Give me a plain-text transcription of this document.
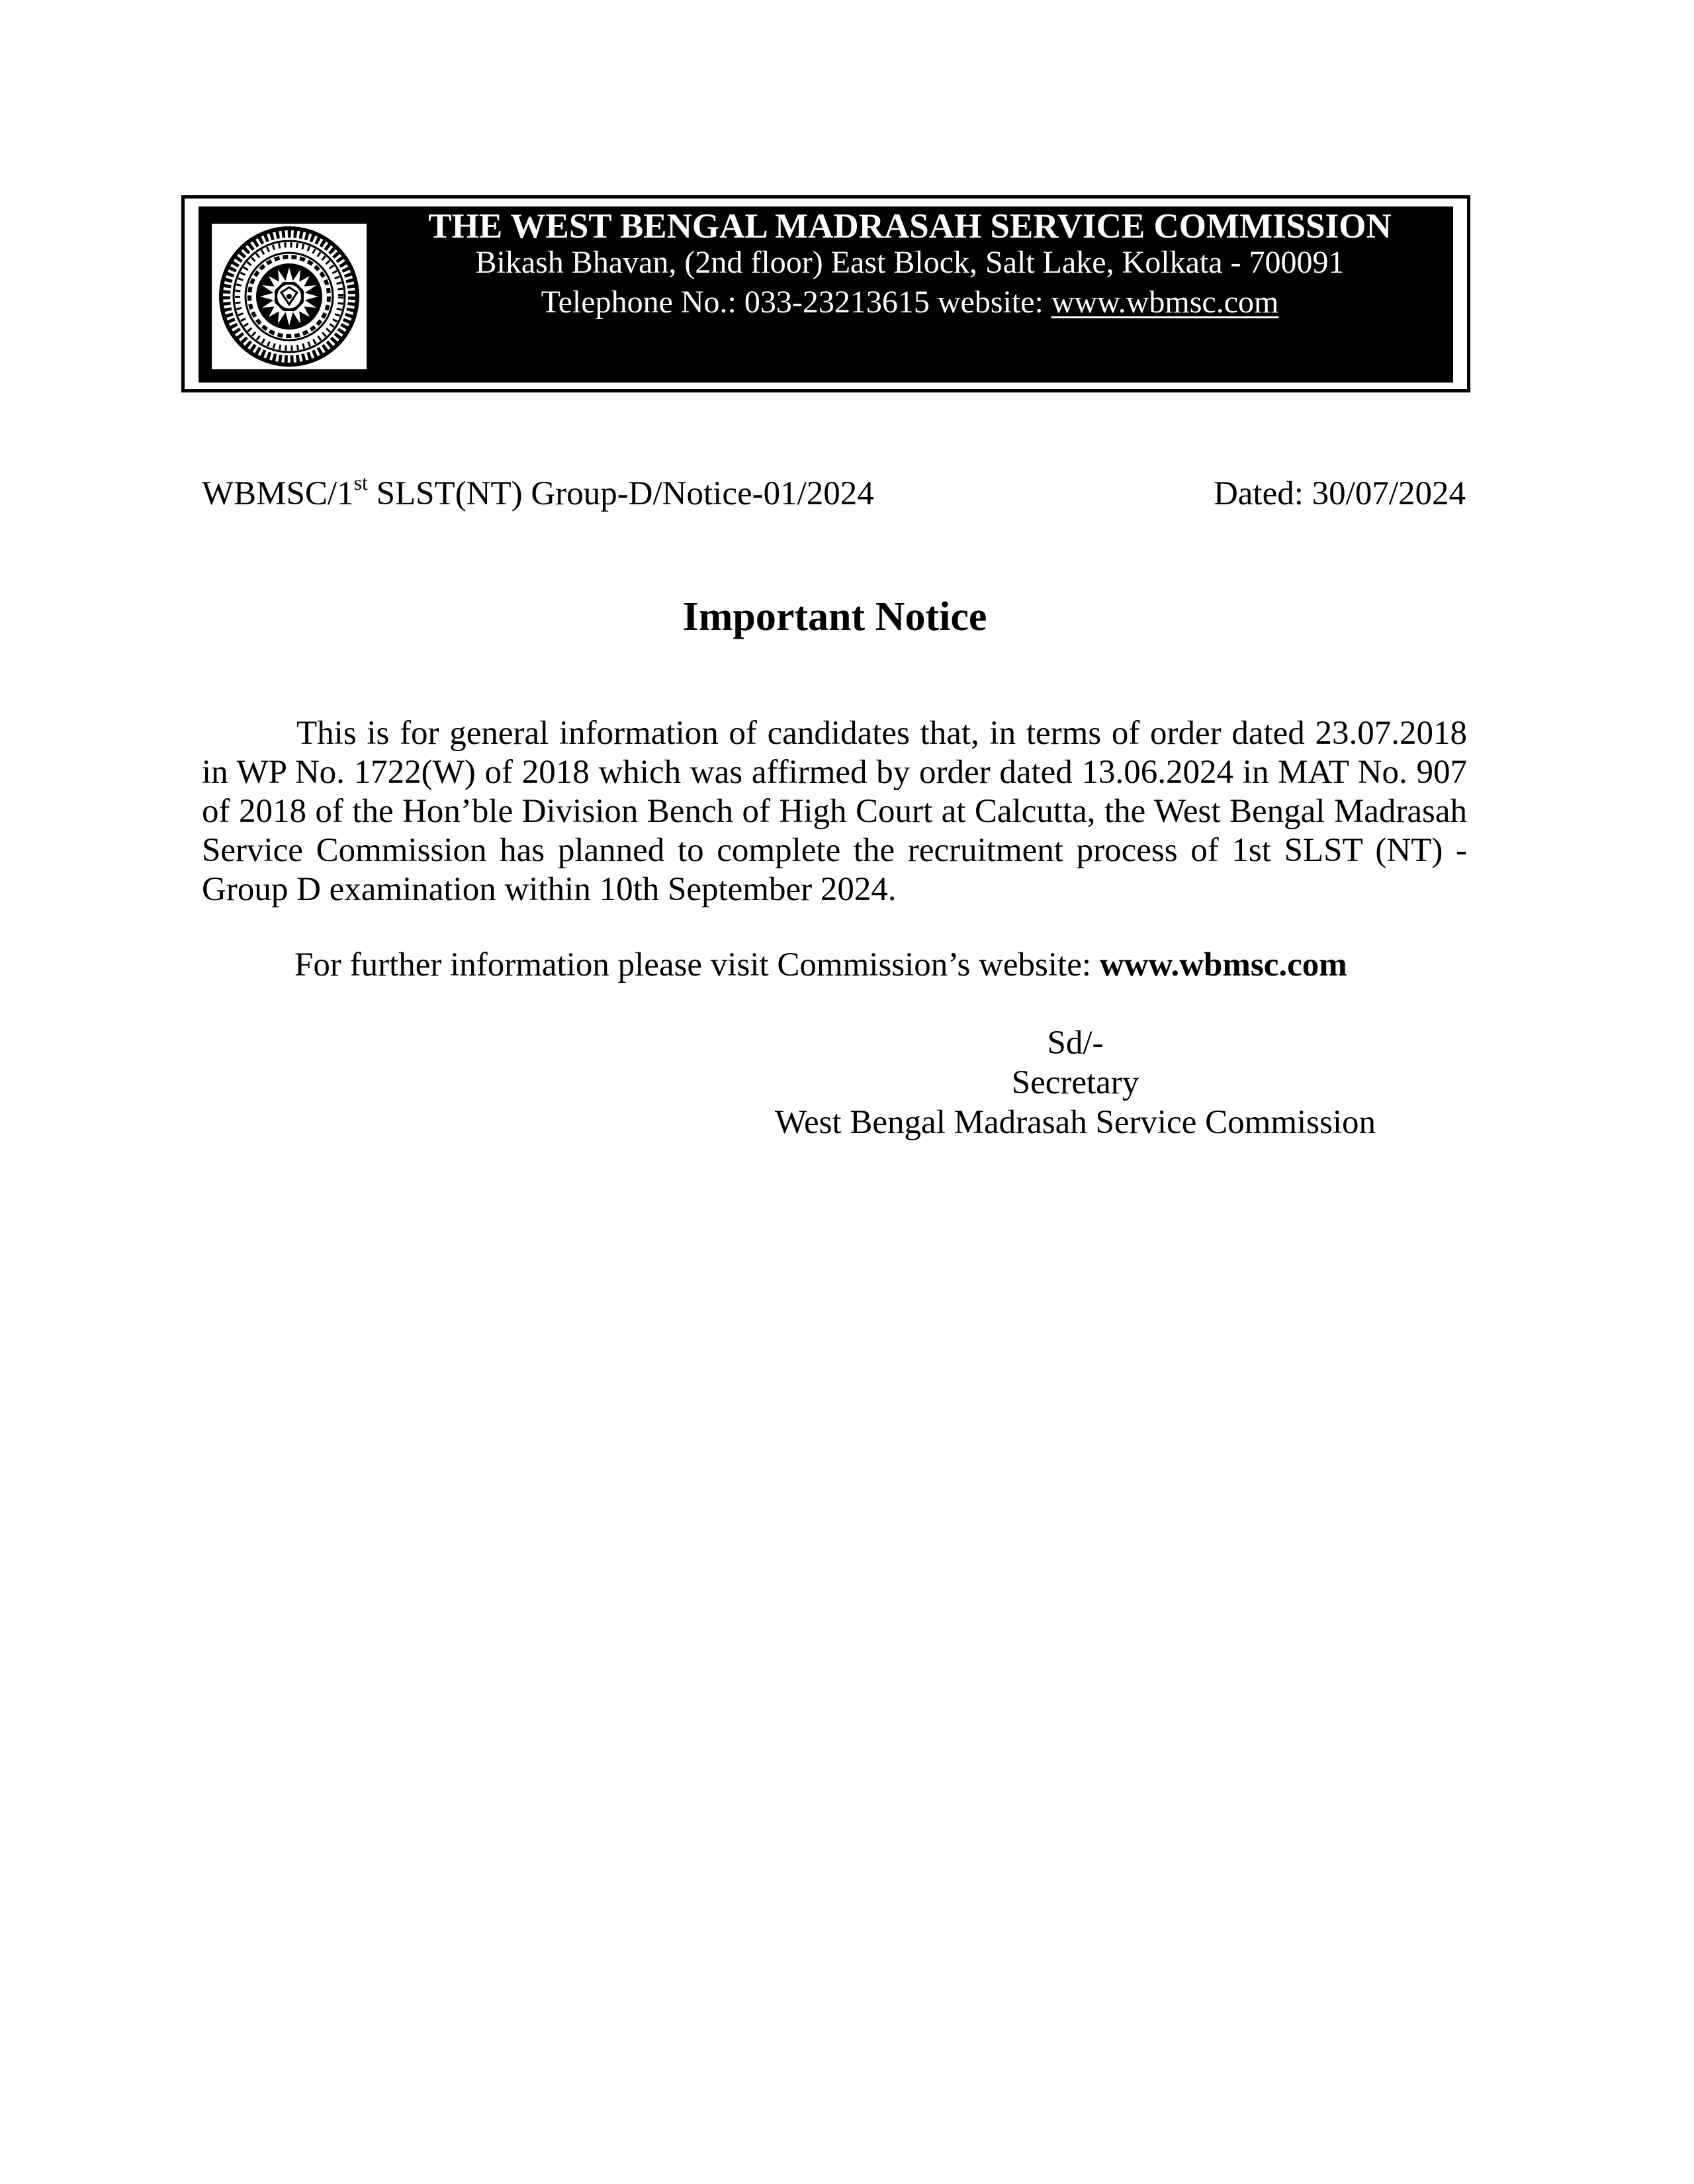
THE WEST BENGAL MADRASAH SERVICE COMMISSION
Bikash Bhavan, (2nd floor) East Block, Salt Lake, Kolkata - 700091
Telephone No.: 033-23213615 website: www.wbmsc.com
WBMSC/1st SLST(NT) Group-D/Notice-01/2024	Dated: 30/07/2024
Important Notice
This is for general information of candidates that, in terms of order dated 23.07.2018
in WP No. 1722(W) of 2018 which was affirmed by order dated 13.06.2024 in MAT No. 907
of 2018 of the Hon’ble Division Bench of High Court at Calcutta, the West Bengal Madrasah
Service Commission has planned to complete the recruitment process of 1st SLST (NT) -
Group D examination within 10th September 2024.
For further information please visit Commission’s website: www.wbmsc.com
Sd/-
Secretary
West Bengal Madrasah Service Commission
